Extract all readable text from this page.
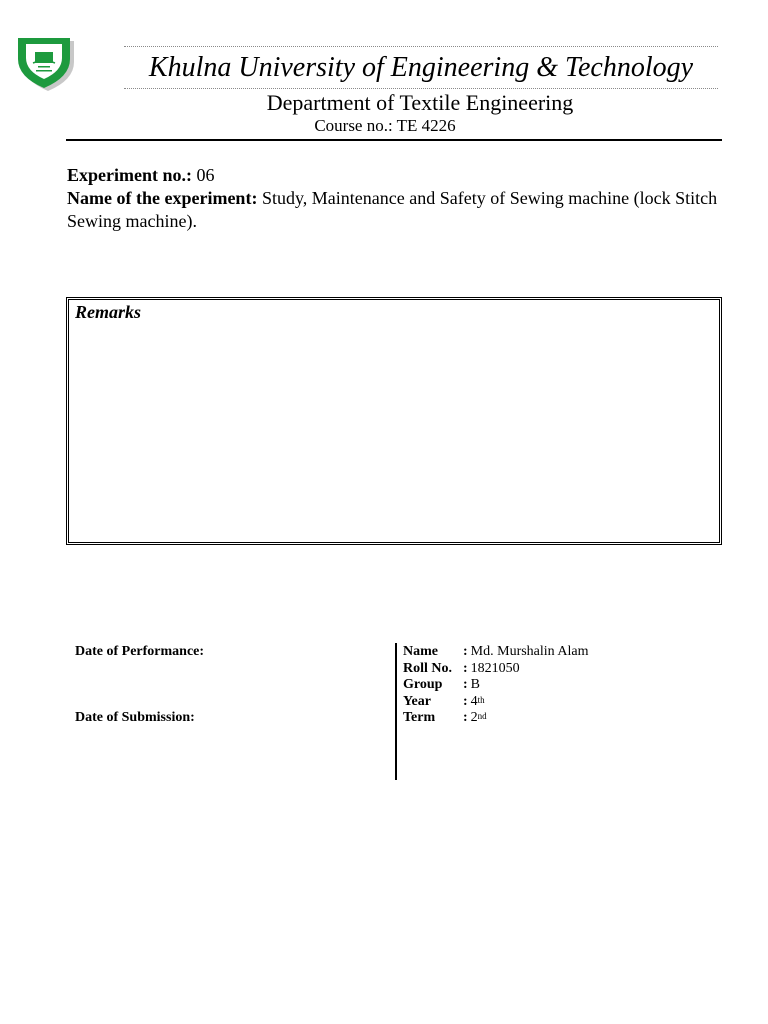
Khulna University of Engineering & Technology
Department of Textile Engineering
Course no.: TE 4226
Experiment no.: 06
Name of the experiment: Study, Maintenance and Safety of Sewing machine (lock Stitch Sewing machine).
Remarks
Date of Performance:
Date of Submission:
Name	: Md. Murshalin Alam
Roll No. : 1821050
Group	: B
Year	: 4th
Term	: 2nd
